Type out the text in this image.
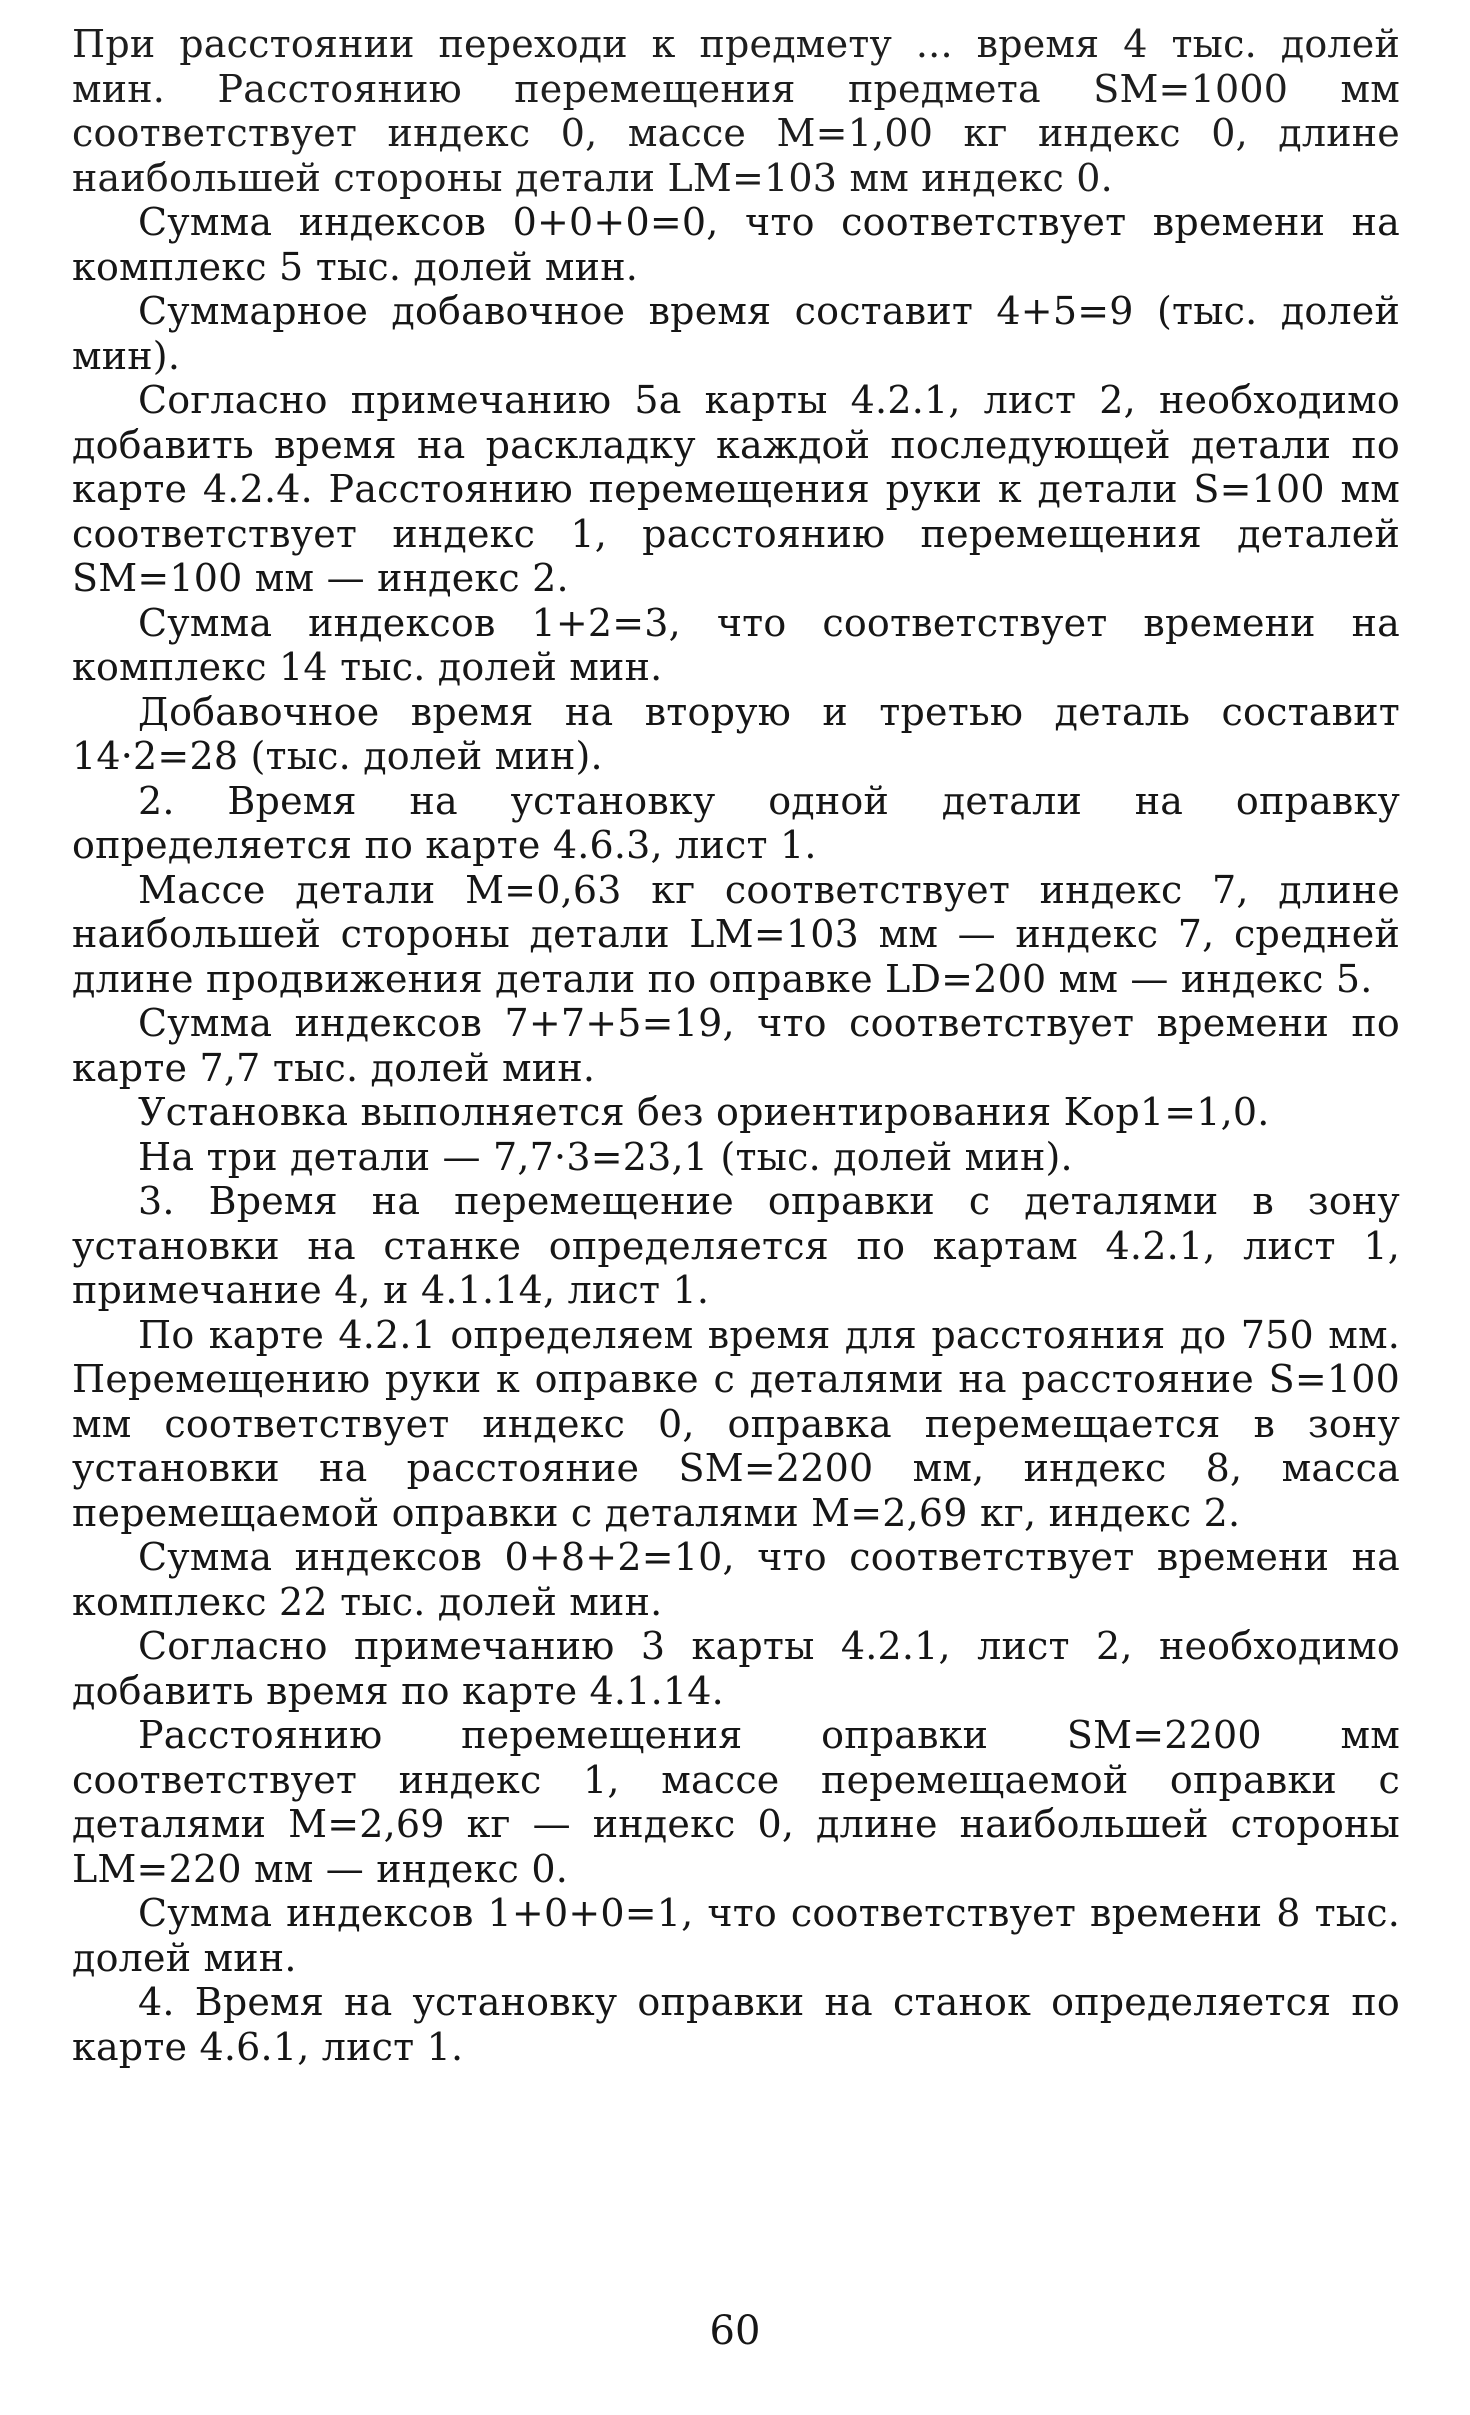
При расстоянии переходи к предмету ... время 4 тыс. долей мин. Расстоянию перемещения предмета SM=1000 мм соответствует индекс 0, массе M=1,00 кг индекс 0, длине наибольшей стороны детали LM=103 мм индекс 0.

Сумма индексов 0+0+0=0, что соответствует времени на комплекс 5 тыс. долей мин.

Суммарное добавочное время составит 4+5=9 (тыс. долей мин).

Согласно примечанию 5а карты 4.2.1, лист 2, необходимо добавить время на раскладку каждой последующей детали по карте 4.2.4. Расстоянию перемещения руки к детали S=100 мм соответствует индекс 1, расстоянию перемещения деталей SM=100 мм — индекс 2.

Сумма индексов 1+2=3, что соответствует времени на комплекс 14 тыс. долей мин.

Добавочное время на вторую и третью деталь составит 14·2=28 (тыс. долей мин).

2. Время на установку одной детали на оправку определяется по карте 4.6.3, лист 1.

Массе детали M=0,63 кг соответствует индекс 7, длине наибольшей стороны детали LM=103 мм — индекс 7, средней длине продвижения детали по оправке LD=200 мм — индекс 5.

Сумма индексов 7+7+5=19, что соответствует времени по карте 7,7 тыс. долей мин.

Установка выполняется без ориентирования Kор1=1,0.

На три детали — 7,7·3=23,1 (тыс. долей мин).

3. Время на перемещение оправки с деталями в зону установки на станке определяется по картам 4.2.1, лист 1, примечание 4, и 4.1.14, лист 1.

По карте 4.2.1 определяем время для расстояния до 750 мм. Перемещению руки к оправке с деталями на расстояние S=100 мм соответствует индекс 0, оправка перемещается в зону установки на расстояние SM=2200 мм, индекс 8, масса перемещаемой оправки с деталями M=2,69 кг, индекс 2.

Сумма индексов 0+8+2=10, что соответствует времени на комплекс 22 тыс. долей мин.

Согласно примечанию 3 карты 4.2.1, лист 2, необходимо добавить время по карте 4.1.14.

Расстоянию перемещения оправки SM=2200 мм соответствует индекс 1, массе перемещаемой оправки с деталями M=2,69 кг — индекс 0, длине наибольшей стороны LM=220 мм — индекс 0.

Сумма индексов 1+0+0=1, что соответствует времени 8 тыс. долей мин.

4. Время на установку оправки на станок определяется по карте 4.6.1, лист 1.

60
